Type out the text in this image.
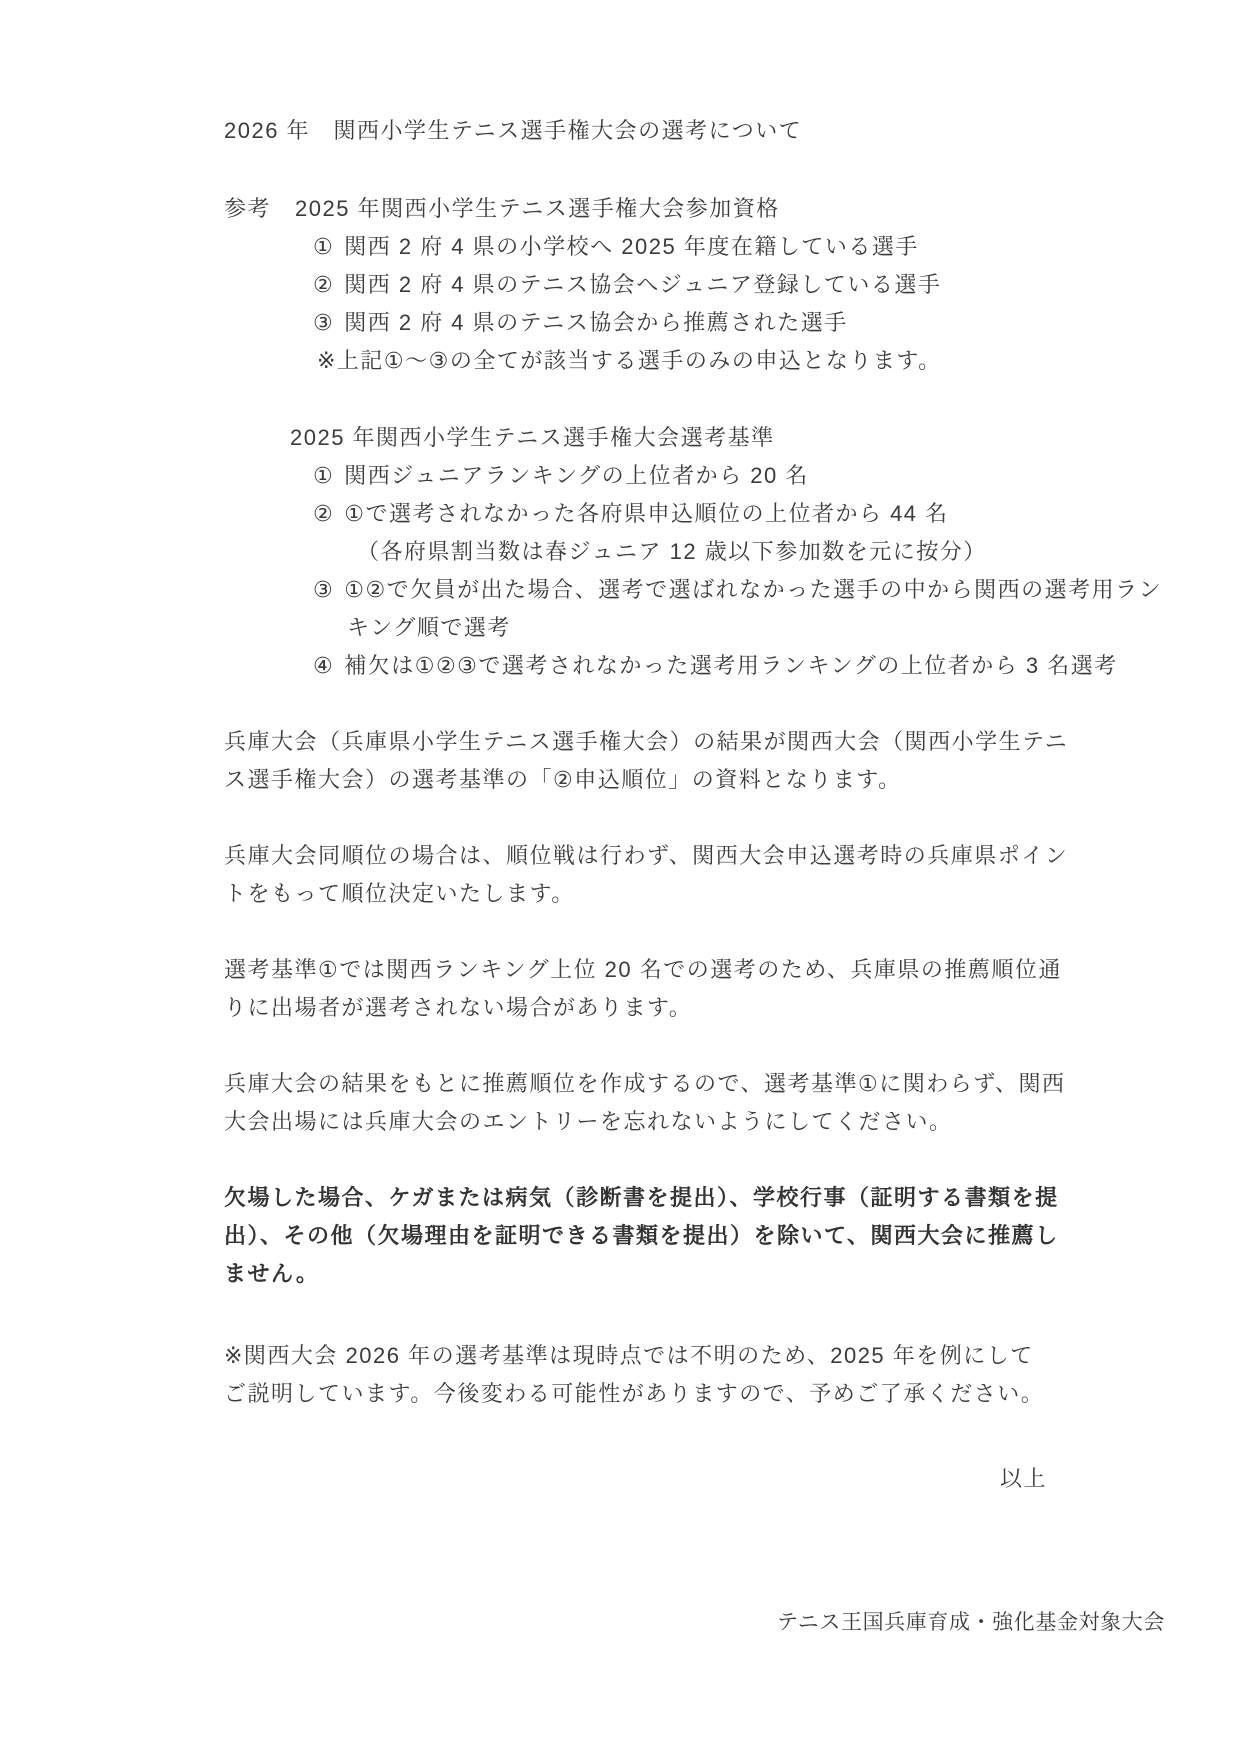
2026 年　関西小学生テニス選手権大会の選考について
参考 2025 年関西小学生テニス選手権大会参加資格
① 関西 2 府 4 県の小学校へ 2025 年度在籍している選手
② 関西 2 府 4 県のテニス協会へジュニア登録している選手
③ 関西 2 府 4 県のテニス協会から推薦された選手
※上記①〜③の全てが該当する選手のみの申込となります。
2025 年関西小学生テニス選手権大会選考基準
① 関西ジュニアランキングの上位者から 20 名
② ①で選考されなかった各府県申込順位の上位者から 44 名
（各府県割当数は春ジュニア 12 歳以下参加数を元に按分）
③ ①②で欠員が出た場合、選考で選ばれなかった選手の中から関西の選考用ラン
キング順で選考
④ 補欠は①②③で選考されなかった選考用ランキングの上位者から 3 名選考
兵庫大会（兵庫県小学生テニス選手権大会）の結果が関西大会（関西小学生テニ
ス選手権大会）の選考基準の「②申込順位」の資料となります。
兵庫大会同順位の場合は、順位戦は行わず、関西大会申込選考時の兵庫県ポイン
トをもって順位決定いたします。
選考基準①では関西ランキング上位 20 名での選考のため、兵庫県の推薦順位通
りに出場者が選考されない場合があります。
兵庫大会の結果をもとに推薦順位を作成するので、選考基準①に関わらず、関西
大会出場には兵庫大会のエントリーを忘れないようにしてください。
欠場した場合、ケガまたは病気（診断書を提出）、学校行事（証明する書類を提
出）、その他（欠場理由を証明できる書類を提出）を除いて、関西大会に推薦し
ません。
※関西大会 2026 年の選考基準は現時点では不明のため、2025 年を例にして
ご説明しています。今後変わる可能性がありますので、予めご了承ください。
以上
テニス王国兵庫育成・強化基金対象大会
